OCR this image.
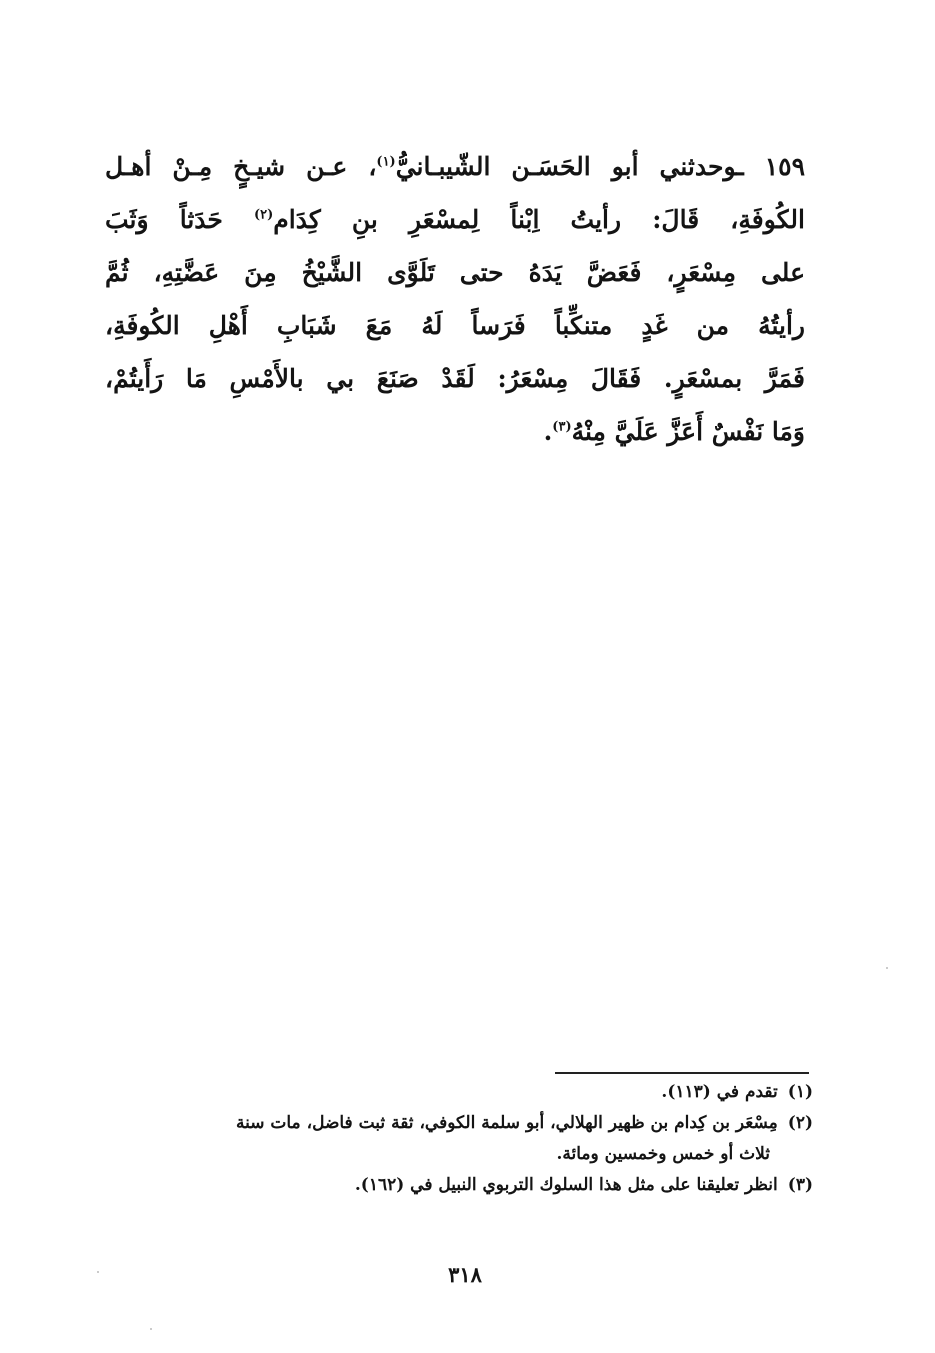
١٥٩ ـوحدثني أبو الحَسَـن الشّيبـانيُّ$^{(١)}$، عـن شيـخٍ مِـنْ أهـل
الكُوفَةِ، قَالَ: رأيتُ اِبْناً لِمسْعَرِ بنِ كِدَام$^{(٢)}$ حَدَثاً وَثَبَ
على مِسْعَرٍ، فَعَضَّ يَدَهُ حتى تَلَوَّى الشَّيْخُ مِنَ عَضَّتِهِ، ثُمَّ
رأيتُهُ من غَدٍ متنكِّباً فَرَساً لَهُ مَعَ شَبَابِ أَهْلِ الكُوفَةِ،
فَمَرَّ بمسْعَرٍ. فَقَالَ مِسْعَرُ: لَقَدْ صَنَعَ بي بالأَمْسِ مَا رَأَيتُمْ،
وَمَا نَفْسٌ أَعَزَّ عَلَيَّ مِنْهُ$^{(٣)}$.
(١)تقدم في (١١٣).
(٢)مِسْعَر بن كِدام بن ظهير الهلالي، أبو سلمة الكوفي، ثقة ثبت فاضل، مات سنة
ثلاث أو خمس وخمسين ومائة.
(٣)انظر تعليقنا على مثل هذا السلوك التربوي النبيل في (١٦٢).
٣١٨
